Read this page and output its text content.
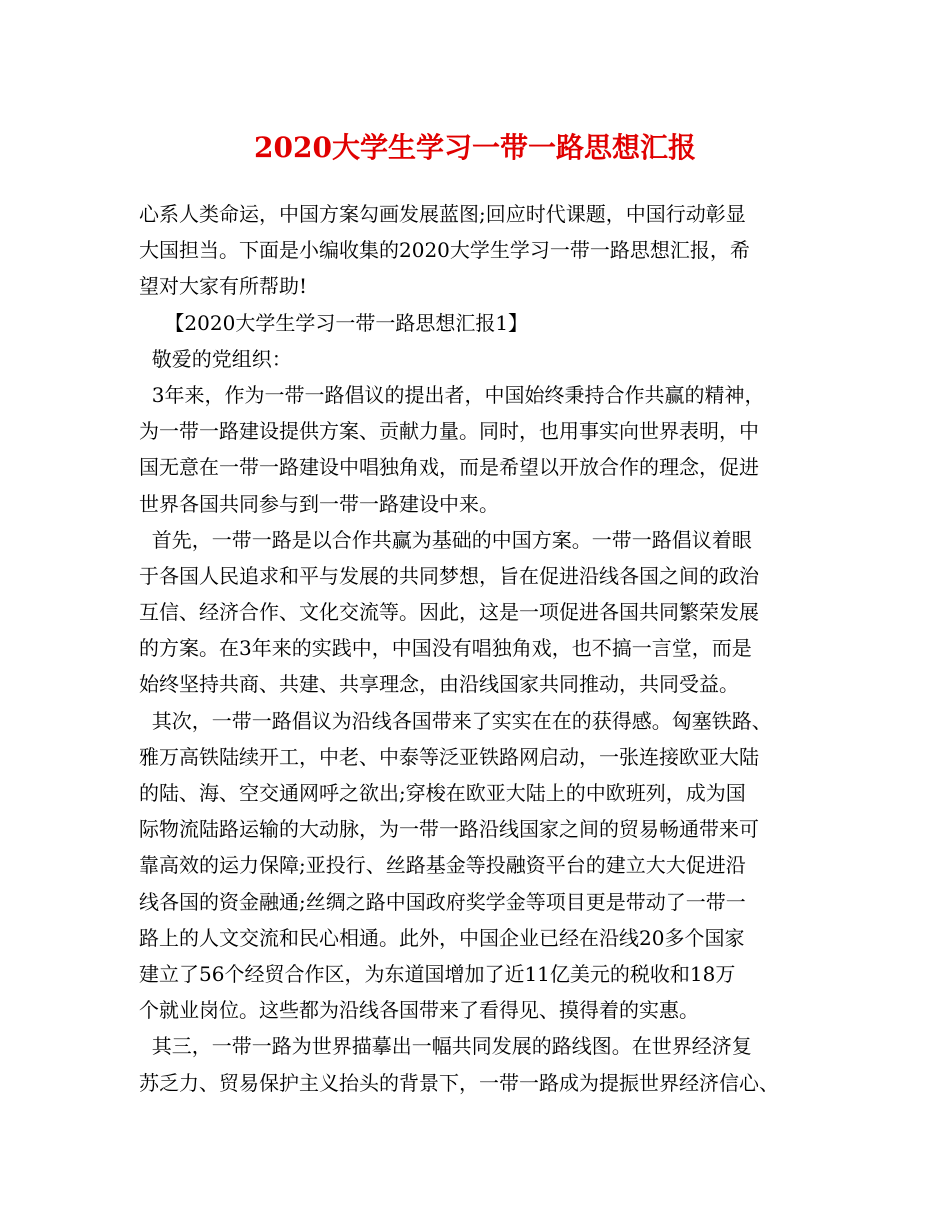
2020大学生学习一带一路思想汇报
心系人类命运，中国方案勾画发展蓝图;回应时代课题，中国行动彰显
大国担当。下面是小编收集的2020大学生学习一带一路思想汇报，希
望对大家有所帮助!
【2020大学生学习一带一路思想汇报1】
敬爱的党组织：
3年来，作为一带一路倡议的提出者，中国始终秉持合作共赢的精神，
为一带一路建设提供方案、贡献力量。同时，也用事实向世界表明，中
国无意在一带一路建设中唱独角戏，而是希望以开放合作的理念，促进
世界各国共同参与到一带一路建设中来。
首先，一带一路是以合作共赢为基础的中国方案。一带一路倡议着眼
于各国人民追求和平与发展的共同梦想，旨在促进沿线各国之间的政治
互信、经济合作、文化交流等。因此，这是一项促进各国共同繁荣发展
的方案。在3年来的实践中，中国没有唱独角戏，也不搞一言堂，而是
始终坚持共商、共建、共享理念，由沿线国家共同推动，共同受益。
其次，一带一路倡议为沿线各国带来了实实在在的获得感。匈塞铁路、
雅万高铁陆续开工，中老、中泰等泛亚铁路网启动，一张连接欧亚大陆
的陆、海、空交通网呼之欲出;穿梭在欧亚大陆上的中欧班列，成为国
际物流陆路运输的大动脉，为一带一路沿线国家之间的贸易畅通带来可
靠高效的运力保障;亚投行、丝路基金等投融资平台的建立大大促进沿
线各国的资金融通;丝绸之路中国政府奖学金等项目更是带动了一带一
路上的人文交流和民心相通。此外，中国企业已经在沿线20多个国家
建立了56个经贸合作区，为东道国增加了近11亿美元的税收和18万
个就业岗位。这些都为沿线各国带来了看得见、摸得着的实惠。
其三，一带一路为世界描摹出一幅共同发展的路线图。在世界经济复
苏乏力、贸易保护主义抬头的背景下，一带一路成为提振世界经济信心、
